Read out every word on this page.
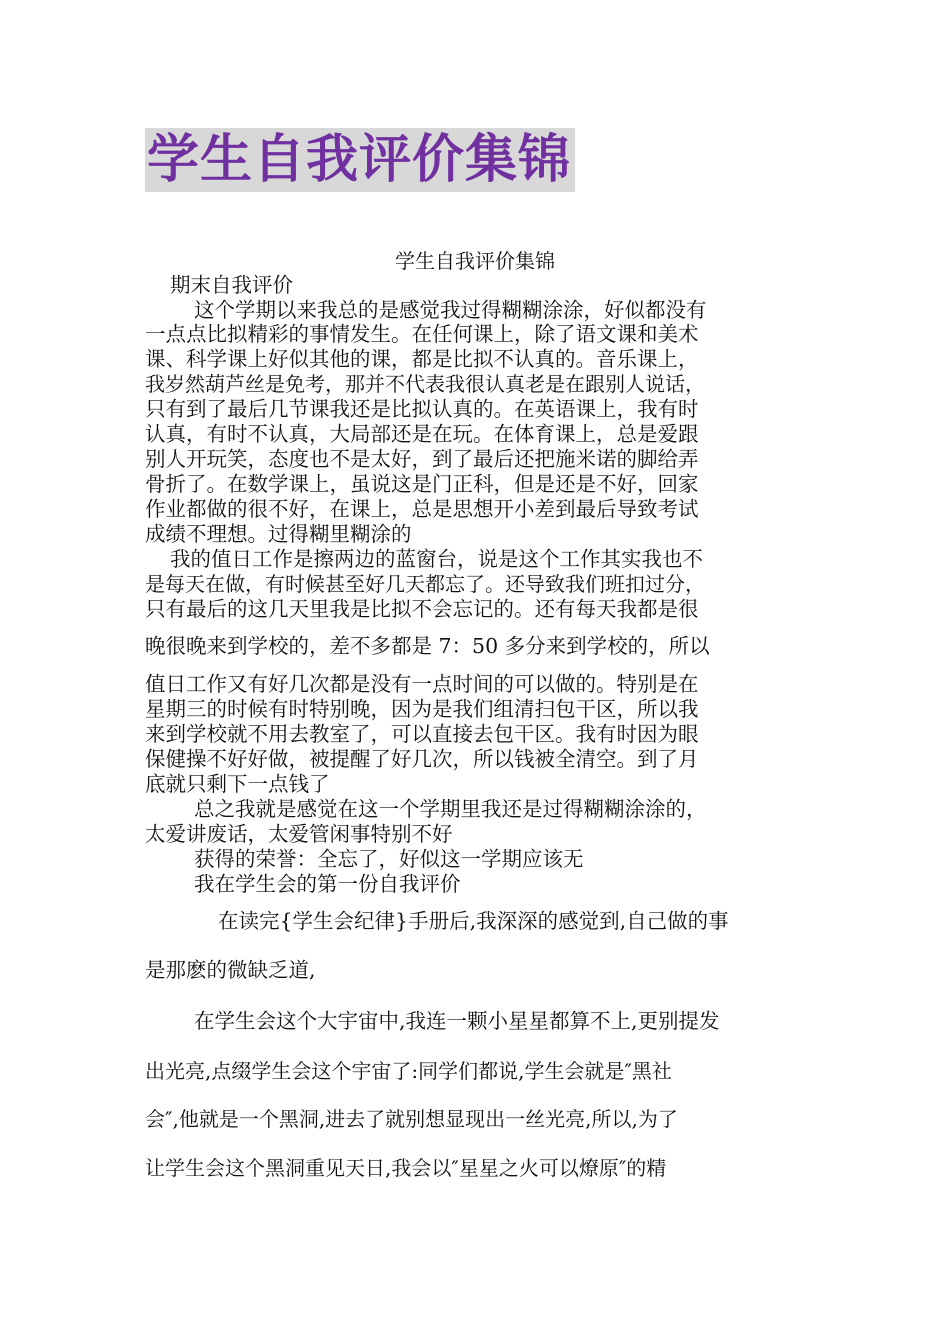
学生自我评价集锦
学生自我评价集锦
期末自我评价
这个学期以来我总的是感觉我过得糊糊涂涂，好似都没有
一点点比拟精彩的事情发生。在任何课上，除了语文课和美术
课、科学课上好似其他的课，都是比拟不认真的。音乐课上，
我岁然葫芦丝是免考，那并不代表我很认真老是在跟别人说话，
只有到了最后几节课我还是比拟认真的。在英语课上，我有时
认真，有时不认真，大局部还是在玩。在体育课上，总是爱跟
别人开玩笑，态度也不是太好，到了最后还把施米诺的脚给弄
骨折了。在数学课上，虽说这是门正科，但是还是不好，回家
作业都做的很不好，在课上，总是思想开小差到最后导致考试
成绩不理想。过得糊里糊涂的
我的值日工作是擦两边的蓝窗台，说是这个工作其实我也不
是每天在做，有时候甚至好几天都忘了。还导致我们班扣过分，
只有最后的这几天里我是比拟不会忘记的。还有每天我都是很
晚很晚来到学校的，差不多都是 7：50 多分来到学校的，所以
值日工作又有好几次都是没有一点时间的可以做的。特别是在
星期三的时候有时特别晚，因为是我们组清扫包干区，所以我
来到学校就不用去教室了，可以直接去包干区。我有时因为眼
保健操不好好做，被提醒了好几次，所以钱被全清空。到了月
底就只剩下一点钱了
总之我就是感觉在这一个学期里我还是过得糊糊涂涂的，
太爱讲废话，太爱管闲事特别不好
获得的荣誉：全忘了，好似这一学期应该无
我在学生会的第一份自我评价
在读完{学生会纪律}手册后,我深深的感觉到,自己做的事
是那麽的微缺乏道,
在学生会这个大宇宙中,我连一颗小星星都算不上,更别提发
出光亮,点缀学生会这个宇宙了:同学们都说,学生会就是″黑社
会″,他就是一个黑洞,进去了就别想显现出一丝光亮,所以,为了
让学生会这个黑洞重见天日,我会以″星星之火可以燎原″的精
